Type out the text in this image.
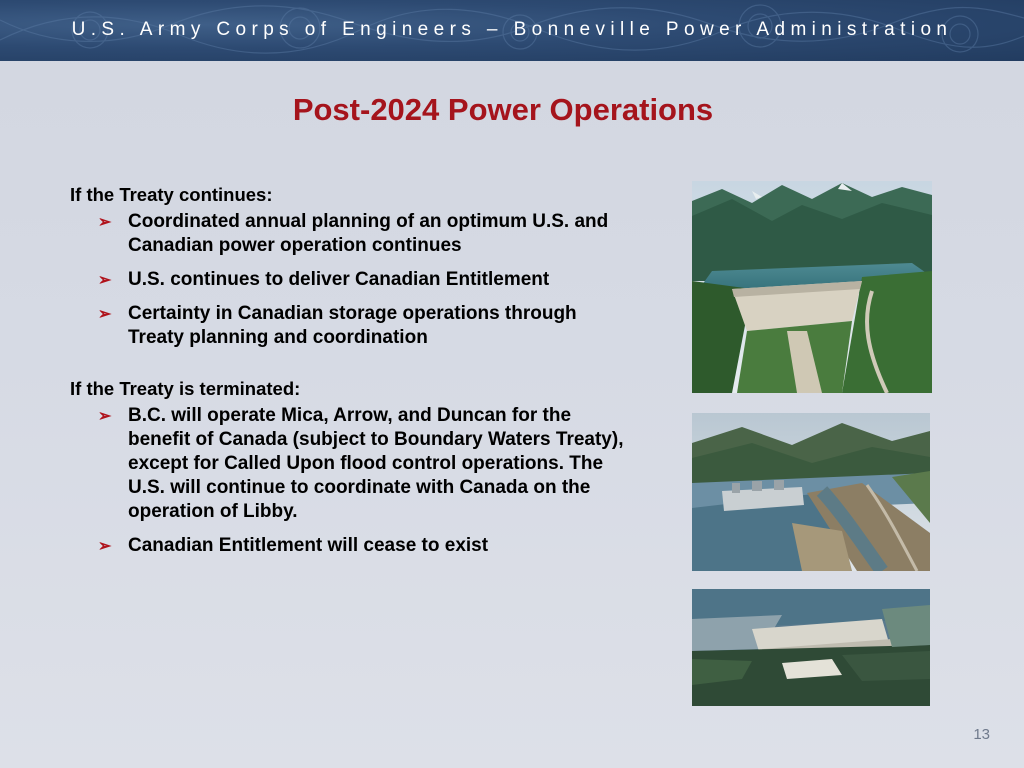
U.S. Army Corps of Engineers – Bonneville Power Administration
Post-2024 Power Operations

If the Treaty continues:

➢ Coordinated annual planning of an optimum U.S. and Canadian power operation continues
➢ U.S. continues to deliver Canadian Entitlement
➢ Certainty in Canadian storage operations through Treaty planning and coordination

If the Treaty is terminated:

➢ B.C. will operate Mica, Arrow, and Duncan for the benefit of Canada (subject to Boundary Waters Treaty), except for Called Upon flood control operations. The U.S. will continue to coordinate with Canada on the operation of Libby.
➢ Canadian Entitlement will cease to exist
13
